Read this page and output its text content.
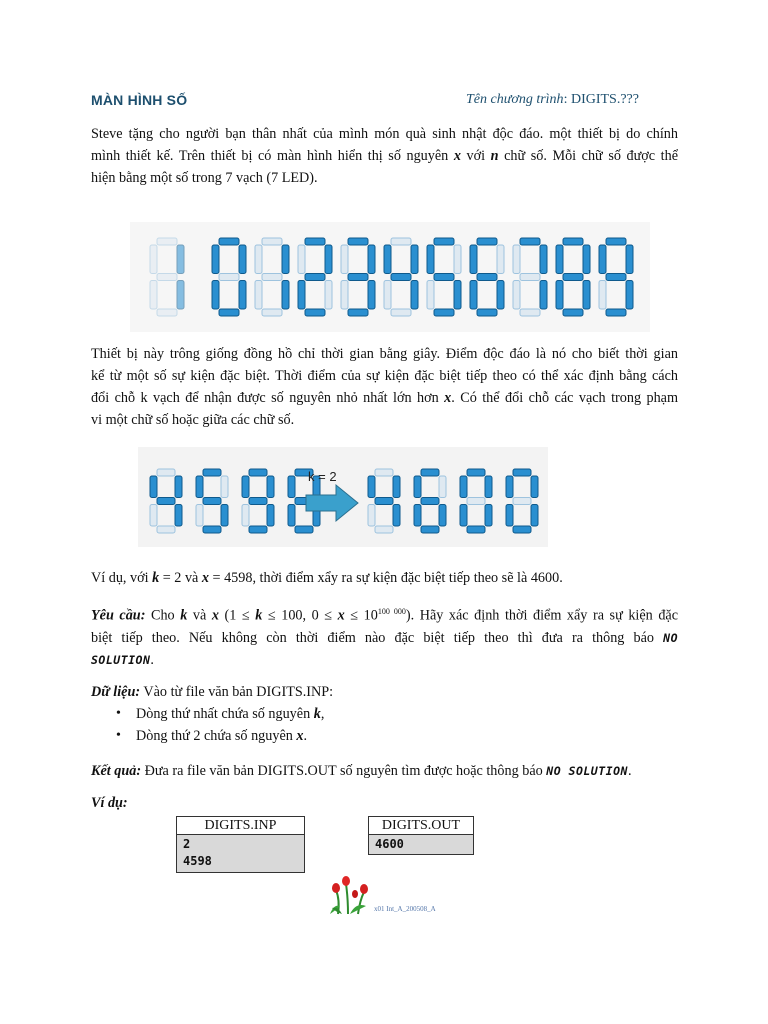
MÀN HÌNH SỐ	Tên chương trình: DIGITS.???
Steve tặng cho người bạn thân nhất của mình món quà sinh nhật độc đáo. một thiết bị do chính
mình thiết kế. Trên thiết bị có màn hình hiển thị số nguyên x với n chữ số. Mỗi chữ số được thể
hiện bằng một số trong 7 vạch (7 LED).
Thiết bị này trông giống đồng hồ chỉ thời gian bằng giây. Điểm độc đáo là nó cho biết thời gian
kể từ một số sự kiện đặc biệt. Thời điểm của sự kiện đặc biệt tiếp theo có thể xác định bằng cách
đổi chỗ k vạch để nhận được số nguyên nhỏ nhất lớn hơn x. Có thể đổi chỗ các vạch trong phạm
vi một chữ số hoặc giữa các chữ số.
k = 2
Ví dụ, với k = 2 và x = 4598, thời điểm xẩy ra sự kiện đặc biệt tiếp theo sẽ là 4600.
Yêu cầu: Cho k và x (1 ≤ k ≤ 100, $0 \le x \le 10^{100 000}$). Hãy xác định thời điểm xẩy ra sự kiện đặc
biệt tiếp theo. Nếu không còn thời điểm nào đặc biệt tiếp theo thì đưa ra thông báo NO
SOLUTION.
Dữ liệu: Vào từ file văn bản DIGITS.INP:
• Dòng thứ nhất chứa số nguyên k,
• Dòng thứ 2 chứa số nguyên x.
Kết quả: Đưa ra file văn bản DIGITS.OUT số nguyên tìm được hoặc thông báo NO SOLUTION.
Ví dụ:
DIGITS.INP

2
4598
DIGITS.OUT

4600
x01 Int_A_200508_A
